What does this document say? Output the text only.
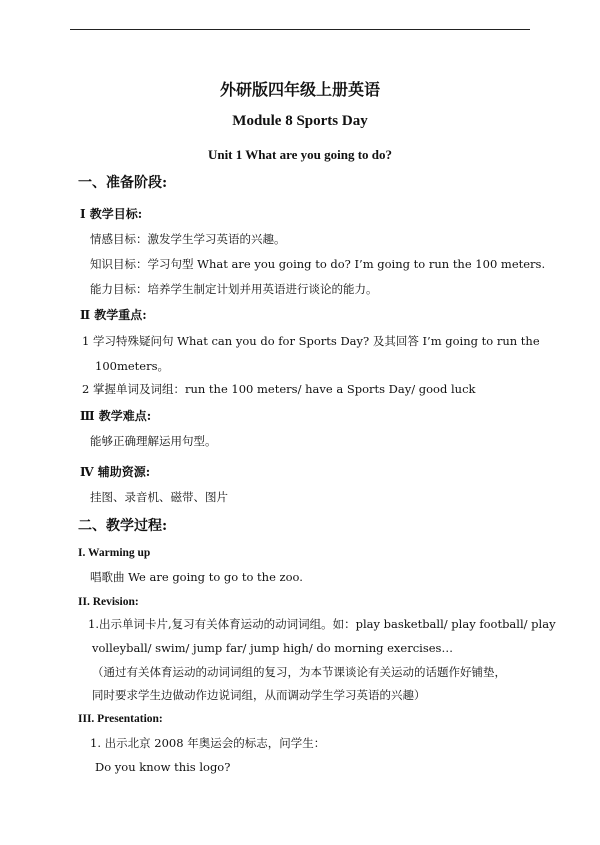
外研版四年级上册英语
Module 8 Sports Day
Unit 1 What are you going to do?
一、准备阶段:
Ⅰ 教学目标:
情感目标：激发学生学习英语的兴趣。
知识目标：学习句型 What are you going to do? I’m going to run the 100 meters.
能力目标：培养学生制定计划并用英语进行谈论的能力。
Ⅱ 教学重点:
1 学习特殊疑问句 What can you do for Sports Day? 及其回答 I’m going to run the
100meters。
2 掌握单词及词组：run the 100 meters/ have a Sports Day/ good luck
Ⅲ 教学难点:
能够正确理解运用句型。
Ⅳ 辅助资源:
挂图、录音机、磁带、图片
二、教学过程:
I. Warming up
唱歌曲 We are going to go to the zoo.
II. Revision:
1.出示单词卡片,复习有关体育运动的动词词组。如：play basketball/ play football/ play
volleyball/ swim/ jump far/ jump high/ do morning exercises…
（通过有关体育运动的动词词组的复习，为本节课谈论有关运动的话题作好铺垫，
同时要求学生边做动作边说词组，从而调动学生学习英语的兴趣）
III. Presentation:
1. 出示北京 2008 年奥运会的标志，问学生：
Do you know this logo?
